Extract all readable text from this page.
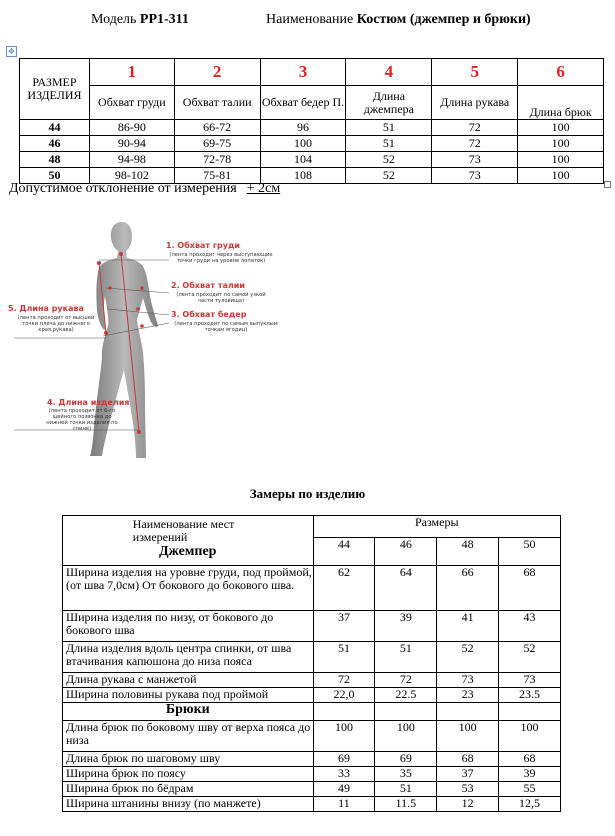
Модель РР1-311	Наименование Костюм (джемпер и брюки)
✥
РАЗМЕР ИЗДЕЛИЯ	1	2	3	4	5	6
	Обхват груди	Обхват талии	Обхват бедер П.	Длина джемпера	Длина рукава	Длина брюк
44	86-90	66-72	96	51	72	100
46	90-94	69-75	100	51	72	100
48	94-98	72-78	104	52	73	100
50	98-102	75-81	108	52	73	100
Допустимое отклонение от измерения + 2см
1. Обхват груди
(лента проходит через выступающие точки груди на уровне лопаток)
2. Обхват талии
(лента проходит по самой узкой части туловища)
3. Обхват бедер
(лента проходит по самым выпуклым точкам ягодиц)
5. Длина рукава
(лента проходит от высшей точки плеча до нижнего края рукава)
4. Длина изделия
(лента проходит от 6-го шейного позвонка до нижней точки изделия по спине)
Замеры по изделию
Наименование мест измерений
Джемпер	Размеры			
	44	46	48	50
Ширина изделия на уровне груди, под проймой, (от шва 7,0см) От бокового до бокового шва.	62	64	66	68
Ширина изделия по низу, от бокового до бокового шва	37	39	41	43
Длина изделия вдоль центра спинки, от шва втачивания капюшона до низа пояса	51	51	52	52
Длина рукава с манжетой	72	72	73	73
Ширина половины рукава под проймой	22,0	22.5	23	23.5
Брюки				
Длина брюк по боковому шву от верха пояса до низа	100	100	100	100
Длина брюк по шаговому шву	69	69	68	68
Ширина брюк по поясу	33	35	37	39
Ширина брюк по бёдрам	49	51	53	55
Ширина штанины внизу (по манжете)	11	11.5	12	12,5
